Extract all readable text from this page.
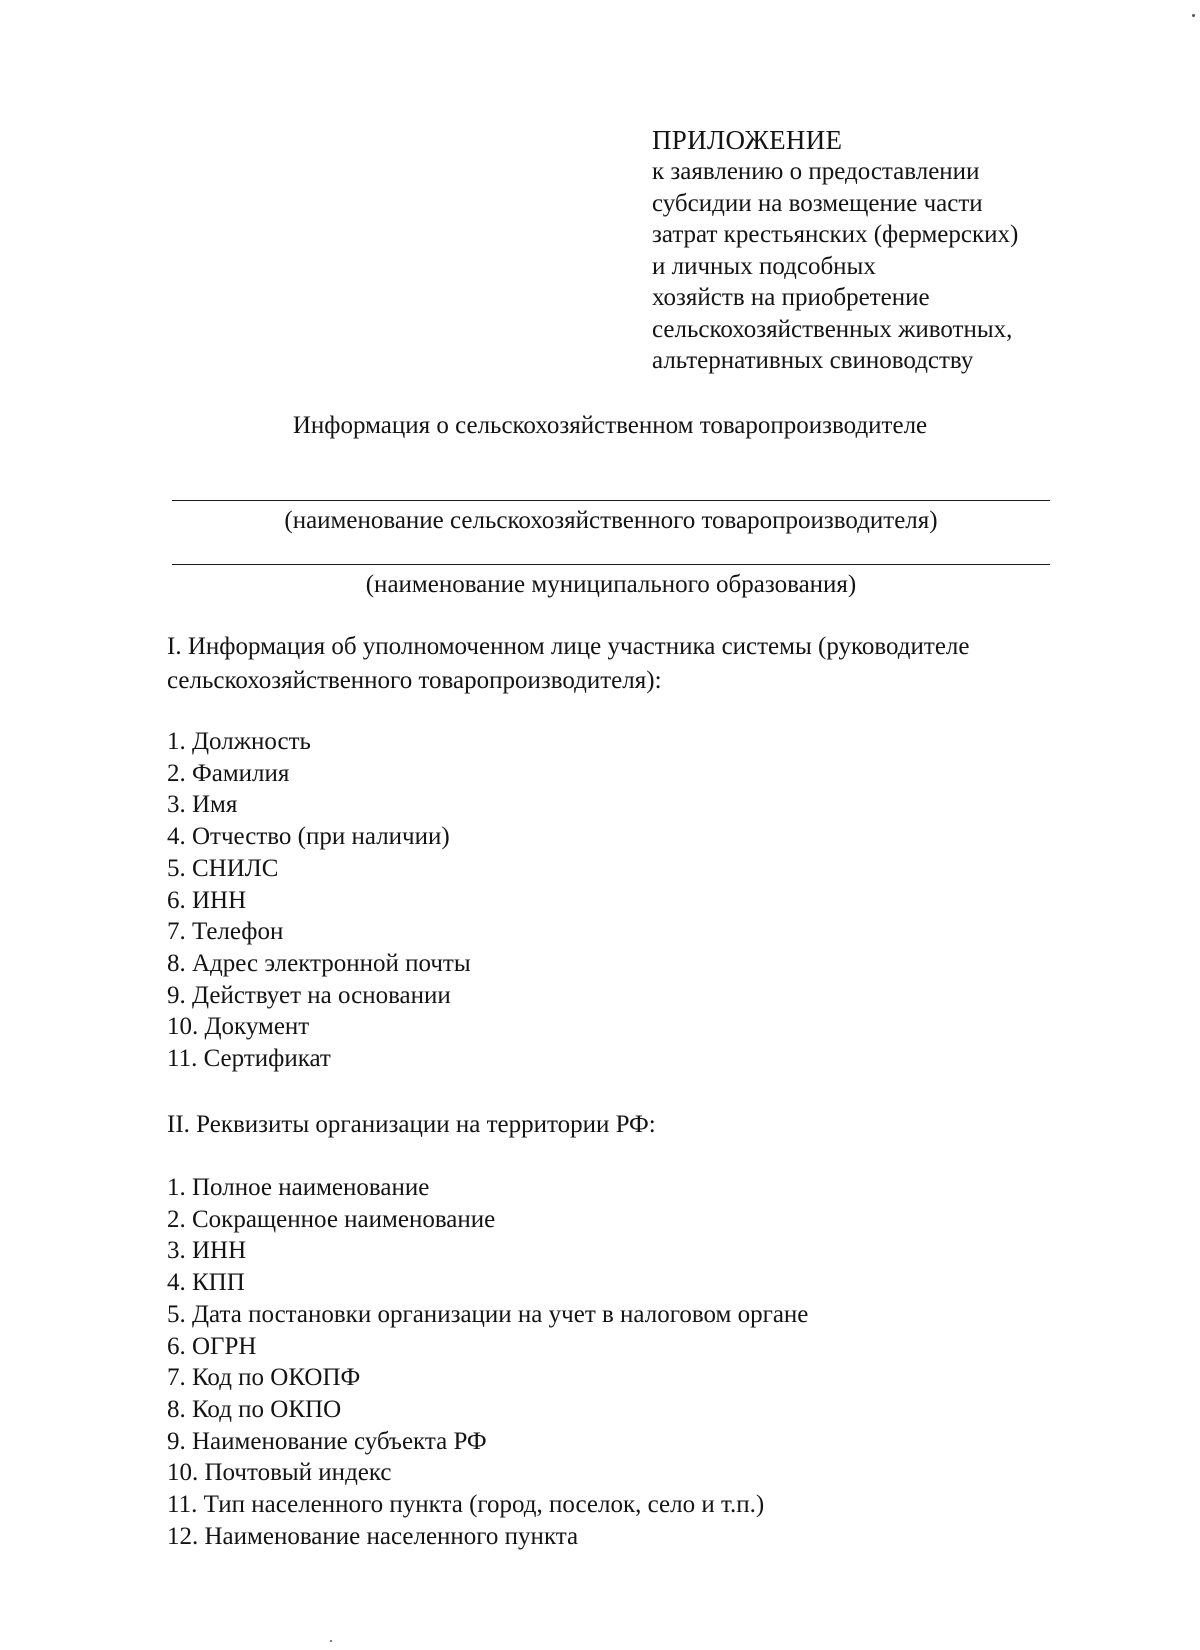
ПРИЛОЖЕНИЕ
к заявлению о предоставлении
субсидии на возмещение части
затрат крестьянских (фермерских)
и личных подсобных
хозяйств на приобретение
сельскохозяйственных животных,
альтернативных свиноводству
Информация о сельскохозяйственном товаропроизводителе
(наименование сельскохозяйственного товаропроизводителя)
(наименование муниципального образования)
I. Информация об уполномоченном лице участника системы (руководителе
сельскохозяйственного товаропроизводителя):
1. Должность
2. Фамилия
3. Имя
4. Отчество (при наличии)
5. СНИЛС
6. ИНН
7. Телефон
8. Адрес электронной почты
9. Действует на основании
10. Документ
11. Сертификат
II. Реквизиты организации на территории РФ:
1. Полное наименование
2. Сокращенное наименование
3. ИНН
4. КПП
5. Дата постановки организации на учет в налоговом органе
6. ОГРН
7. Код по ОКОПФ
8. Код по ОКПО
9. Наименование субъекта РФ
10. Почтовый индекс
11. Тип населенного пункта (город, поселок, село и т.п.)
12. Наименование населенного пункта
